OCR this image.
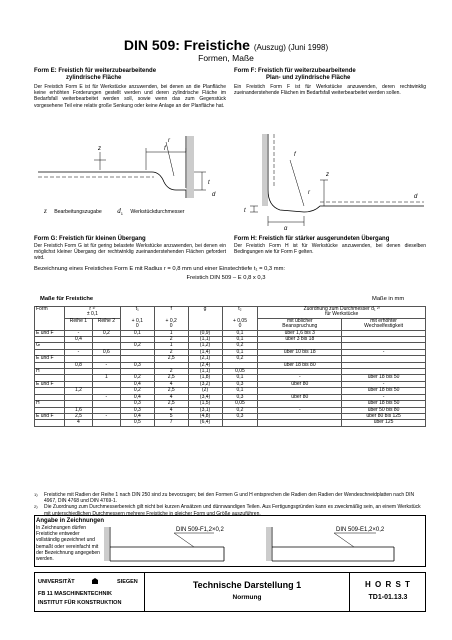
DIN 509: Freistiche (Auszug) (Juni 1998)
Formen, Maße
Form E: Freistich für weiterzubearbeitende
zylindrische Fläche
Der Freistich Form E ist für Werkstücke anzuwenden, bei denen an die Planfläche keine erhöhten Forderungen gestellt werden und deren zylindrische Fläche im Bedarfsfall weiterbearbeitet werden soll, sowie wenn das zum Gegenstück vorgesehene Teil eine relativ große Senkung oder keine Anlage an der Planfläche hat.
Form F: Freistich für weiterzubearbeitende
Plan- und zylindrische Fläche
Ein Freistich Form F ist für Werkstücke anzuwenden, deren rechtwinklig zueinanderstehende Flächen im Bedarfsfall weiterbearbeitet werden sollen.
f
t
r
z
d
f
t
r
g
z
d
z Bearbeitungszugabe $d_1$ Werkstückdurchmesser
Form G: Freistich für kleinen Übergang
Der Freistich Form G ist für gering belastete Werkstücke anzuwenden, bei denen ein möglichst kleiner Übergang der rechtwinklig zueinanderstehenden Flächen gefordert wird.
Form H: Freistich für stärker ausgerundeten Übergang
Der Freistich Form H ist für Werkstücke anzuwenden, bei denen dieselben Bedingungen wie für Form F gelten.
Bezeichnung eines Freistiches Form E mit Radius r = 0,8 mm und einer Einstechtiefe t₁ = 0,3 mm:
Freistich DIN 509 – E 0,8 x 0,3
Maße für Freistiche	Maße in mm
Form	r ¹⁾		t₁	f	g	t₂	Zuordnung zum Durchmesser d₁ ²⁾	
	± 0,1						für Werkstücke	
	Reihe 1	Reihe 2	+ 0,1	+ 0,2		+ 0,05	mit üblicher	mit erhöhter
			0	0		0	Beanspruchung	Wechselfestigkeit
E und F	-	0,2	0,1	1	(0,9)	0,1	über 1,6 bis 3	
	0,4			2	(1,1)	0,1	über 3 bis 18	
G			0,2	1	(1,2)	0,2		
	-	0,6		2	(1,4)	0,1	über 10 bis 18	-
E und F				2,5	(2,1)	0,2		
	0,8	-	0,3		(2,4)		über 18 bis 80	
H				2	(1,1)	0,05		
		1	0,2	2,5	(1,8)	0,1	-	über 18 bis 50
E und F			0,4	4	(3,2)	0,3	über 80	-
	1,2		0,2	2,5	(2)	0,1		über 18 bis 50
		-	0,4	4	(3,4)	0,3	über 80	-
H			0,3	2,5	(1,5)	0,05		über 18 bis 50
	1,6		0,3	4	(3,1)	0,2	-	über 50 bis 80
E und F	2,5	-	0,4	5	(4,8)	0,3		über 80 bis 125
	4		0,5	7	(6,4)			über 125
1)	Freistiche mit Radien der Reihe 1 nach DIN 250 sind zu bevorzugen; bei den Formen G und H entsprechen die Radien den Radien der Wendeschneidplatten nach DIN 4967, DIN 4768 und DIN 4769-1.
2)	Die Zuordnung zum Durchmesserbereich gilt nicht bei kurzen Ansätzen und dünnwandigen Teilen. Aus Fertigungsgründen kann es zweckmäßig sein, an einem Werkstück mit unterschiedlichen Durchmessern mehrere Freistiche in gleicher Form und Größe auszuführen.
Angabe in Zeichnungen
In Zeichnungen dürfen Freistiche entweder vollständig gezeichnet und bemaßt oder vereinfacht mit der Bezeichnung angegeben werden.
DIN 509-F1,2×0,2	DIN 509-E1,2×0,2
UNIVERSITÄT	SIEGEN
FB 11 MASCHINENTECHNIK
INSTITUT FÜR KONSTRUKTION
Technische Darstellung 1
Normung
H O R S T
TD1-01.13.3
